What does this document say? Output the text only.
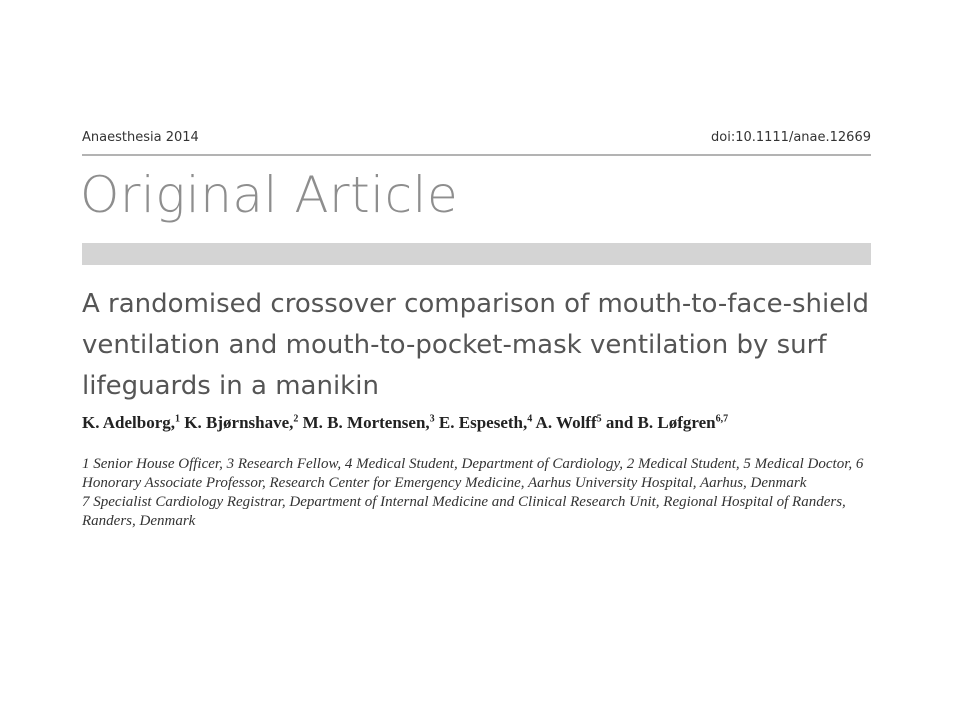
Anaesthesia 2014	doi:10.1111/anae.12669
Original Article
A randomised crossover comparison of mouth-to-face-shield ventilation and mouth-to-pocket-mask ventilation by surf lifeguards in a manikin
K. Adelborg,$^1$ K. Bjørnshave,$^2$ M. B. Mortensen,$^3$ E. Espeseth,$^4$ A. Wolff$^5$ and B. Løfgren$^{6,7}$

1 Senior House Officer, 3 Research Fellow, 4 Medical Student, Department of Cardiology, 2 Medical Student, 5 Medical Doctor, 6 Honorary Associate Professor, Research Center for Emergency Medicine, Aarhus University Hospital, Aarhus, Denmark

7 Specialist Cardiology Registrar, Department of Internal Medicine and Clinical Research Unit, Regional Hospital of Randers, Randers, Denmark
